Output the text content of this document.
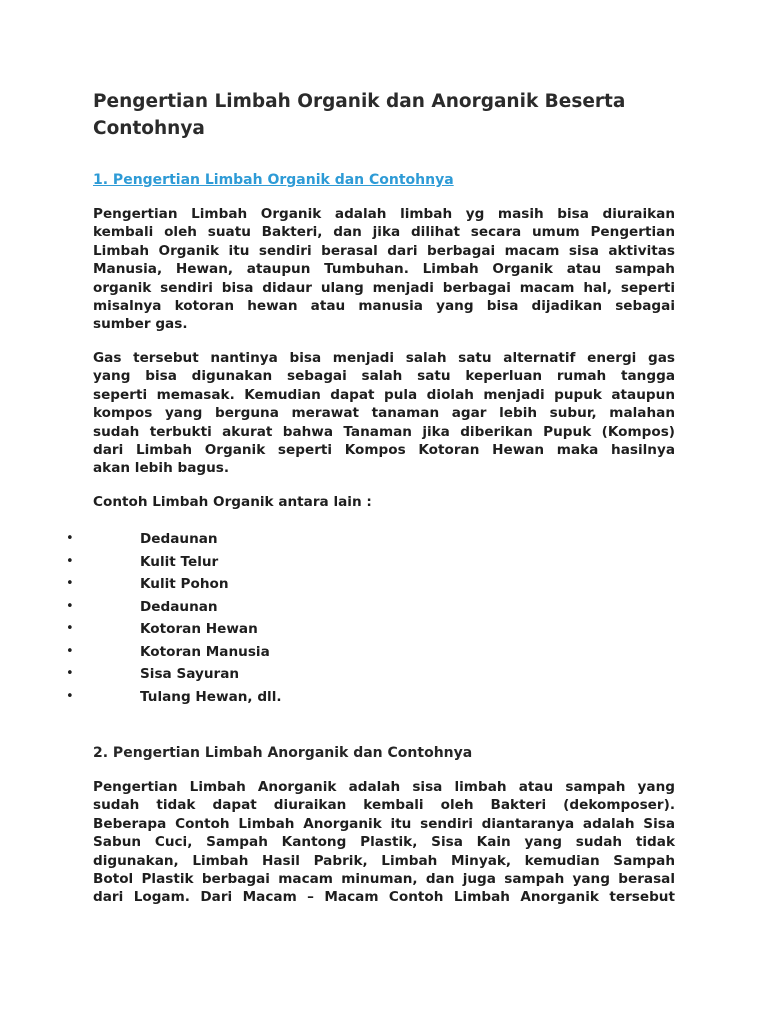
Pengertian Limbah Organik dan Anorganik Beserta Contohnya
1. Pengertian Limbah Organik dan Contohnya
Pengertian Limbah Organik adalah limbah yg masih bisa diuraikan
kembali oleh suatu Bakteri, dan jika dilihat secara umum Pengertian
Limbah Organik itu sendiri berasal dari berbagai macam sisa aktivitas
Manusia, Hewan, ataupun Tumbuhan. Limbah Organik atau sampah
organik sendiri bisa didaur ulang menjadi berbagai macam hal, seperti
misalnya kotoran hewan atau manusia yang bisa dijadikan sebagai
sumber gas.
Gas tersebut nantinya bisa menjadi salah satu alternatif energi gas
yang bisa digunakan sebagai salah satu keperluan rumah tangga
seperti memasak. Kemudian dapat pula diolah menjadi pupuk ataupun
kompos yang berguna merawat tanaman agar lebih subur, malahan
sudah terbukti akurat bahwa Tanaman jika diberikan Pupuk (Kompos)
dari Limbah Organik seperti Kompos Kotoran Hewan maka hasilnya
akan lebih bagus.

Contoh Limbah Organik antara lain :

•	Dedaunan
•	Kulit Telur
•	Kulit Pohon
•	Dedaunan
•	Kotoran Hewan
•	Kotoran Manusia
•	Sisa Sayuran
•	Tulang Hewan, dll.
2. Pengertian Limbah Anorganik dan Contohnya
Pengertian Limbah Anorganik adalah sisa limbah atau sampah yang
sudah tidak dapat diuraikan kembali oleh Bakteri (dekomposer).
Beberapa Contoh Limbah Anorganik itu sendiri diantaranya adalah Sisa
Sabun Cuci, Sampah Kantong Plastik, Sisa Kain yang sudah tidak
digunakan, Limbah Hasil Pabrik, Limbah Minyak, kemudian Sampah
Botol Plastik berbagai macam minuman, dan juga sampah yang berasal
dari Logam. Dari Macam – Macam Contoh Limbah Anorganik tersebut
